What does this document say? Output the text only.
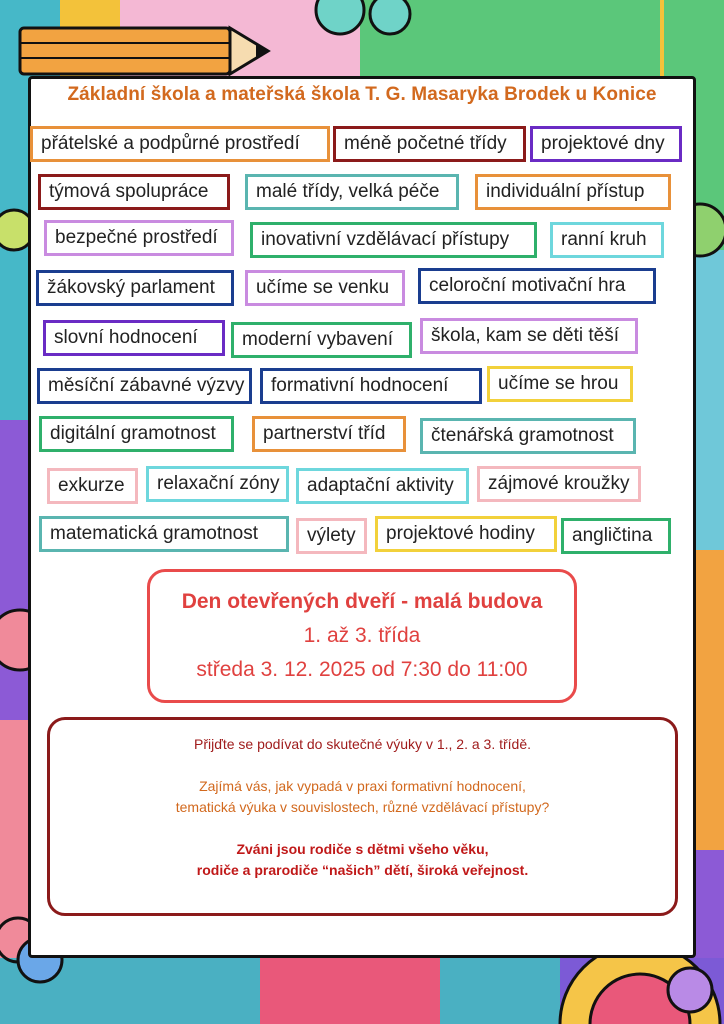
Základní škola a mateřská škola T. G. Masaryka Brodek u Konice
přátelské a podpůrné prostředí	méně početné třídy	projektové dny
týmová spolupráce	malé třídy, velká péče	individuální přístup
bezpečné prostředí	inovativní vzdělávací přístupy	ranní kruh
žákovský parlament	učíme se venku	celoroční motivační hra
slovní hodnocení	moderní vybavení	škola, kam se děti těší
měsíční zábavné výzvy	formativní hodnocení	učíme se hrou
digitální gramotnost	partnerství tříd	čtenářská gramotnost
exkurze	relaxační zóny	adaptační aktivity	zájmové kroužky
matematická gramotnost	výlety	projektové hodiny	angličtina
Den otevřených dveří - malá budova
1. až 3. třída
středa 3. 12. 2025 od 7:30 do 11:00
Přijďte se podívat do skutečné výuky v 1., 2. a 3. třídě.
Zajímá vás, jak vypadá v praxi formativní hodnocení,
tematická výuka v souvislostech, různé vzdělávací přístupy?
Zváni jsou rodiče s dětmi všeho věku,
rodiče a prarodiče “našich” dětí, široká veřejnost.
